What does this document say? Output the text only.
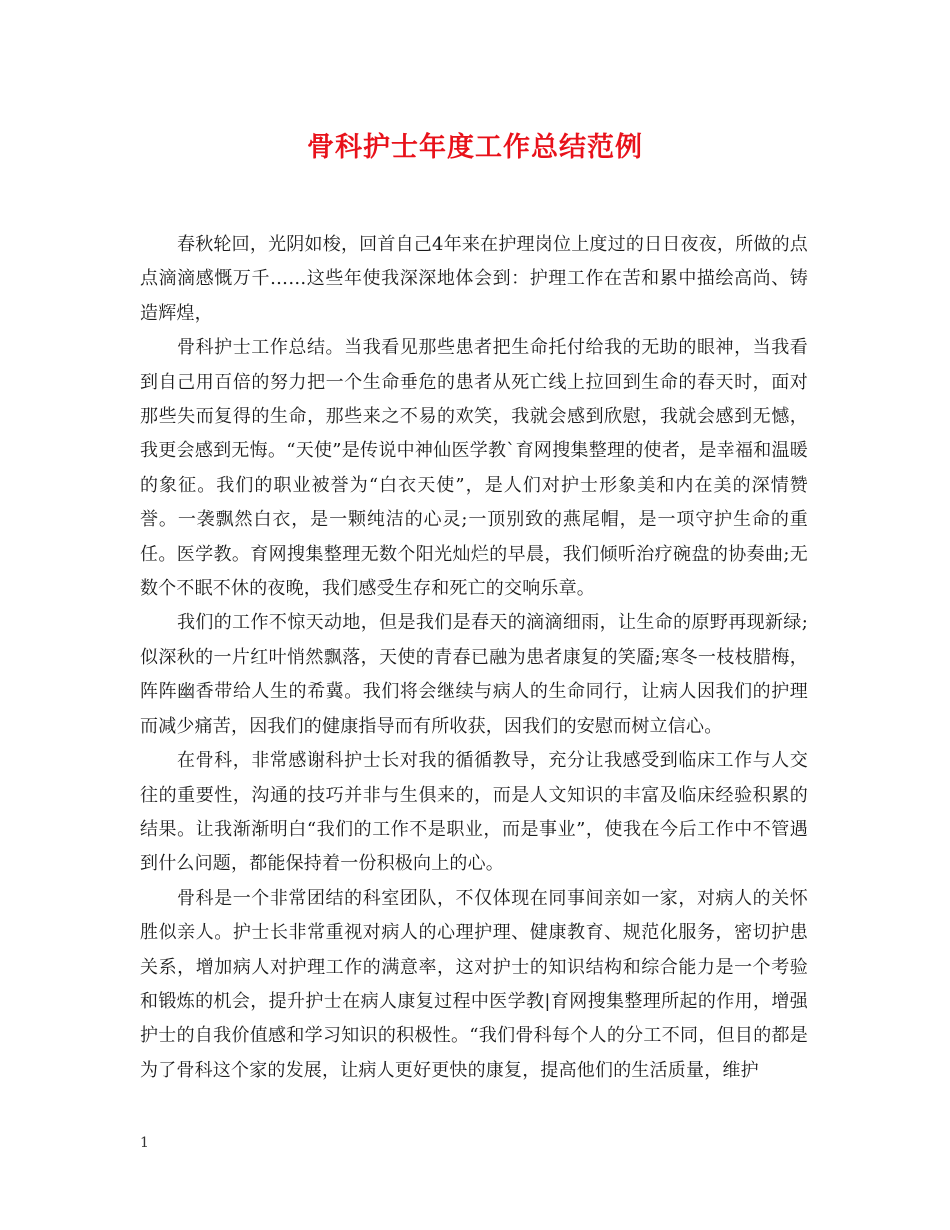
骨科护士年度工作总结范例

春秋轮回，光阴如梭，回首自己4年来在护理岗位上度过的日日夜夜，所做的点点滴滴感慨万千……这些年使我深深地体会到：护理工作在苦和累中描绘高尚、铸造辉煌，

骨科护士工作总结。当我看见那些患者把生命托付给我的无助的眼神，当我看到自己用百倍的努力把一个生命垂危的患者从死亡线上拉回到生命的春天时，面对那些失而复得的生命，那些来之不易的欢笑，我就会感到欣慰，我就会感到无憾，我更会感到无悔。“天使”是传说中神仙医学教`育网搜集整理的使者，是幸福和温暖的象征。我们的职业被誉为“白衣天使”，是人们对护士形象美和内在美的深情赞誉。一袭飘然白衣，是一颗纯洁的心灵;一顶别致的燕尾帽，是一项守护生命的重任。医学教。育网搜集整理无数个阳光灿烂的早晨，我们倾听治疗碗盘的协奏曲;无数个不眠不休的夜晚，我们感受生存和死亡的交响乐章。

我们的工作不惊天动地，但是我们是春天的滴滴细雨，让生命的原野再现新绿;似深秋的一片红叶悄然飘落，天使的青春已融为患者康复的笑靥;寒冬一枝枝腊梅，阵阵幽香带给人生的希冀。我们将会继续与病人的生命同行，让病人因我们的护理而减少痛苦，因我们的健康指导而有所收获，因我们的安慰而树立信心。

在骨科，非常感谢科护士长对我的循循教导，充分让我感受到临床工作与人交往的重要性，沟通的技巧并非与生俱来的，而是人文知识的丰富及临床经验积累的结果。让我渐渐明白“我们的工作不是职业，而是事业”，使我在今后工作中不管遇到什么问题，都能保持着一份积极向上的心。

骨科是一个非常团结的科室团队，不仅体现在同事间亲如一家，对病人的关怀胜似亲人。护士长非常重视对病人的心理护理、健康教育、规范化服务，密切护患关系，增加病人对护理工作的满意率，这对护士的知识结构和综合能力是一个考验和锻炼的机会，提升护士在病人康复过程中医学教|育网搜集整理所起的作用，增强护士的自我价值感和学习知识的积极性。“我们骨科每个人的分工不同，但目的都是为了骨科这个家的发展，让病人更好更快的康复，提高他们的生活质量，维护

1
